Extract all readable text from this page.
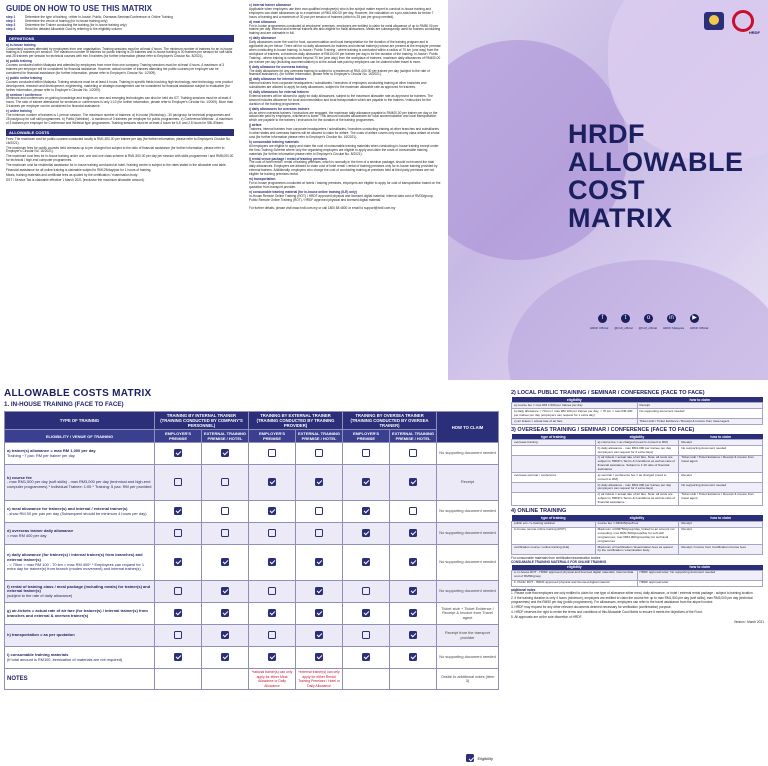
GUIDE ON HOW TO USE THIS MATRIX
step 1	Determine the type of training : either In-house, Public, Overseas Seminar/Conference or Online Training
step 2	Determine the venue of training (for in-house training only)
step 3	Determine the Trainer conducting the training (for in-house training only)
step 4	Read the detailed Allowable Cost by referring to the eligibility column
DEFINITIONS

a) in-house training
Customised courses attended by employees from one organisation. Training sessions must be at least 4 hours. The minimum number of trainees for an in-house training is 5 trainees per session. The maximum number of trainees for public training is 25 trainees and in-house training is 30 trainees per session for soft skills and 25 trainees per session for technical courses with min 5 trainees (for further information please refer to Employer's Circular No. 8/2021).

b) public training
Courses conducted within Malaysia and attended by employees from more than one company. Training sessions must be at least 4 hours. A maximum of 3 trainees per employer will be considered for financial assistance. However, actual number of trainees attending the public courses per employer can be considered for financial assistance (for further information, please refer to Employer's Circular No. 1/2009).

c) public online training
Courses conducted within Malaysia. Training sessions must be at least 4 hours. Training in specific fields involving high technology, new technology, new product development, research and development, engineering, marketing or strategic management can be considered for financial assistance subject to evaluation (for further information, please refer to Employer's Circular No. 1/2009).

d) seminar / conference
Seminars and conferences on gaining knowledge and insights on new and emerging technologies can also be held via ICT. Training sessions must be at least 4 hours. The ratio of trainee attendance for seminars or conferences is only 1:10 (for further information, please refer to Employer's Circular No. 1/2009). More than 3 trainees per employer can be considered for financial assistance.

e) online training
The minimum number of trainees is 1 person session. The maximum number of trainees: a) In-house (Workshop) - 30 pax/group for technical programmes and 25 pax/group for soft skill programmes. b) Public (Webinar) - A maximum of 3 trainees per employer for public programmes. c) Conference/Webinar - A maximum of 3 trainees per employer for Conference and Webinar type programmes. Training sessions must be at least 4 hours for ILE and 2.5 hours for SBL/Elearn.

ALLOWABLE COSTS

Fees: The maximum cost for public courses conducted locally is RM1,500.00 per trainee per day (for further information, please refer to Employer's Circular No. 16/2021).

The maximum fees for public courses held overseas up to per charged but subject to the ratio of financial assistance (for further information, please refer to Employer's Circular No. 16/2021).

The maximum cost fees for in-house training under one, one and one class scheme is RM1,500.00 per day per session with skills programmes / and RM8,000.00 for technical / high-end computer programmes.

The maximum cost for residential assistance for in-house training conducted at hotel / training centre is subject to the rates stated in the allowable cost table.

Financial assistance for all online training is claimable subject to RM125/day/pax for 1 hours of training.

Meals, training materials and certificate fees as quoted by the certification / examination body.

SST / Service Tax is claimable effective 1 March 2021 (exclusive the maximum allowable amount).

c) internal trainer allowance
Applicable when employers use their own qualified employee(s) who is the subject matter expert to conduct in-house training and employers can claim allowances up to a maximum of RM1,500.00 per day. However, the calculation on a pro-rata basis for below 7 hours of training and a maximum of 30 pax per session of trainees (which is 25 pax per group needed).

d) meal allowance
For in-house programmes conducted at employers' premises, employers are entitled to claim for meal allowance of up to RM50.00 per trainee per day. Internal and external trainers are also eligible for meal allowances. Meals are subsequently used for trainers conducting training and are claimable in full.

e) daily allowance
Daily allowances cover the cost for food, accommodation and local transportation for the duration of the training program and is applicable as per below: There will be no daily allowances for trainees and internal trainer(s) whose are present at the employer premise when conducting in-house training. In-house / Public Training - where training is conducted within a radius of 70 km (one way) from the workplace of trainees, a maximum daily allowance of RM100.00 per trainee per day is for the duration of the training. In-house / Public Training - where training is conducted beyond 70 km (one way) from the workplace of trainees, maximum daily allowances of RM400.00 per trainee per day (including accommodation) is at the actual rate paid by employers can be claimed when travel is more.

f) daily allowance for overseas training
The daily allowances for any overseas training is subject to a maximum of RM1,000.00 per trainee per day (subject to the rate of financial assistance). (for further information, please refer to Employer's Circular No. 16/2021).

g) daily allowance for internal trainers
Internal trainers from corporate headquarters / subsidiaries / branches of employers conducting training at other branches and subsidiaries are allowed to apply for daily allowances, subject to the maximum allowable rate as approved for trainees.

h) daily allowances for external trainers
External trainers will be allowed to apply for daily allowances, subject to the maximum allowable rate as approved for trainees. The amount includes allowance for local accommodation and local transportation which are payable to the trainers / instructors for the duration of the training programmes.

i) daily allowances for overseas trainers
As an when overseas trainers / instructors are engaged, the maximum daily allowance payable is RM400.00 per trainer per day or the actual rate paid by employers, whichever is lower. This amount includes allowances for local accommodation and local transportation which are payable to the trainers / instructors for the duration of the training programmes.

j) airfare
Trainees, internal trainers from corporate headquarters / subsidiaries / branches conducting training at other branches and subsidiaries in other states and overseas trainers will be allowed to claim for airfare. The costs of airfare covers only economy class airfare at a total cost (for further information please refer to Employer's Circular No. 16/2021).

k) consumable training materials
All employers are eligible to apply and claim the cost of consumable training materials when conducting in-house training except under the Ilmu Training Scheme where only the organising employers are eligible to apply and claim the costs of consumable training materials (for further information please refer to Employer's Circular No. 8/2021).

l) rental venue package / rental of training premises
The cost of hotel rental / rental of training premises, which is normally in the form of a seminar package, should not exceed the total daily allowances. Employers are allowed to claim cost of hotel rental / rental of training premises only for in-house training provided by external trainers. Additionally, employers who charge the cost of conducting training at premises held at third party premises are not eligible for training premises rental.

m) transportation
For in-house programmes conducted at hotels / training premises, employers are eligible to apply for cost of transportation based on the quotation from transport provider.

n) consumable training material (for in-house online training (ILE) only)
In-House Remote Online Training (ROT) / HRDF approved physical and licensed digital material; Internal data cost of RM30/group; Public Remote Online Training (ROT) / HRDF approved physical and licensed digital material.

For further details, please visit www.hrdf.com.my or call 1800 88 4800 or email to support@hrdf.com.my

HRDF
HRDF
ALLOWABLE
COST MATRIX
f	t	o	in	▶
HRDF Official @hrdf_official @hrdf_official HRDF Malaysia HRDF Official
ALLOWABLE COSTS MATRIX
1. IN-HOUSE TRAINING (FACE TO FACE)
TYPE OF TRAINING	TRAINING BY INTERNAL TRAINER (TRAINING CONDUCTED BY COMPANY'S PERSONNEL)		TRAINING BY EXTERNAL TRAINER (TRAINING CONDUCTED BY TRAINING PROVIDER)		TRAINING BY OVERSEA TRAINER (TRAINING CONDUCTED BY OVERSEA TRAINER)		HOW TO CLAIM
ELIGIBILITY / VENUE OF TRAINING	EMPLOYER'S PREMISE	EXTERNAL TRAINING PREMISE / HOTEL	EMPLOYER'S PREMISE	EXTERNAL TRAINING PREMISE / HOTEL	EMPLOYER'S PREMISE	EXTERNAL TRAINING PREMISE / HOTEL	

a) trainer(s) allowance = max RM 1,000 per day
Training ~7 pax: RM per trainer per day							No supporting document needed

b) course fee
- max RM1,500 per day (soft skills) - max RM3,000 per day (technical and high-end computer programmes) * Individual Trainee: 1:05 * Training: 5 pax: RM per provided							Receipt

c) meal allowance for trainee(s) and internal / external trainer(s)
- show RM 50 per pax per day (Subsequent should be minimum 4 hours per day)							No supporting document needed

d) overseas trainer daily allowance
= max RM 400 per day							No supporting document needed

e) daily allowance (for trainee(s) / internal trainer(s) from branches) and external trainer(s)
- < 70km = max RM 100 - 70 km = max RM 400* * Employees can request for 1 extra day for trainee(s) from branch (modes movement) and internal trainer(s)							No supporting document needed

f) rental of training class / meal package (including meals) for trainer(s) and external trainer(s)
(subject to the rate of daily allowance)							No supporting document needed

g) air-tickets = actual rate of air fare (for trainee(s) / internal trainer(s) from branches and external & oversea trainer(s)							Ticket stub + Ticket Evidence / Receipt & Invoice from Travel agent

h) transportation = as per quotation							Receipt from the transport provider

i) consumable training materials
(If total amount is RM100, itemization of materials are not required)							No supporting document needed
NOTES			*rational trainer(s) can only apply for either Meal Allowance or Daily Allowance	*external trainer(s) can only apply for either Rental Training Premises / Hotel or Daily Allowance			Onsite to additional notes (item 3)
Eligibility
2) LOCAL PUBLIC TRAINING / SEMINAR / CONFERENCE (FACE TO FACE)
eligibility	how to claim
a) course fee = max RM 1,500 per trainee per day	Receipt
b) daily allowance < 70 km = max RM 100 per trainee per day; > 70 km = max RM 400 per trainee per day (employers can request for 1 extra day)	No supporting document needed
c) air tickets = actual rate of air fare	Ticket stub / Ticket Evidence / Receipt & invoice from travel agent
3) OVERSEAS TRAINING / SEMINAR / CONFERENCE (FACE TO FACE)
type of training	eligibility	how to claim
overseas training	a) course fee = as charged (need to convert to RM)	Receipt
	b) daily allowance - max RM1,000 per trainee per day (employers can request for 2 extra days)	No supporting document needed
	c) air tickets = actual rate of air fare. Note: all costs are subject to HRDF's Terms & Conditions as well as ratio of financial assistance. Subject to 1:10 ratio of financial assistance	Ticket stub / Ticket Evidence / Receipt & invoice from travel agent
overseas seminar / conference	a) seminar / conference fee = as charged (need to convert to RM)	Receipt
	b) daily allowance - max RM1,000 per trainee per day (employers can request for 2 extra days)	No supporting document needed
	c) air tickets = actual rate of air fare. Note: all costs are subject to HRDF's Terms & Conditions as well as ratio of financial assistance	Ticket stub / Ticket Evidence / Receipt & invoice from travel agent
4) ONLINE TRAINING
type of training	eligibility	how to claim
public ecc / e-training webinar	course fee = RM125/pax/hour	Receipt
in-house remote online training (ROT)	Maximum of RM750/group/day, limited to an amount not exceeding: max RM1,500/group/day for soft skill programmes; max RM3,000/group/day for technical programmes	Receipt
certification course / online training (ILE)	Maximum of Certification / Examination fees as quoted by the certification / examination body	Receipt / Invoice from Certification Course fees
For consumable materials from certification/examination bodies
CONSUMABLE TRAINING MATERIALS FOR ONLINE TRAINING
eligibility	how to claim
a. in-house ROT - HRDF approved physical and licensed digital materials; Internal data cost of RM30/group	HRDF approval letter; No supporting document needed
b. Public ROT - HRDF approved physical and licensed digital material	HRDF approval letter
additional notes

1. Please note that employers are only entitled to claim for one type of allowance either meal, daily allowance, or hotel / external rental package - subject to training location.

2. If the training duration is only 4 hours (minimum), employers are entitled to claim the course fee up to max RM1,500 per day (soft skills); max RM3,000 per day (technical programmes) and the RM50 per day (public programmes). For allowances, employers can refer to the travel assistance from the airport invoice.

3. HRDF may request for any other relevant documents deemed necessary for verification (confirmation) purpose.

4. HRDF reserves the right to revise the terms and conditions of this Allowable Cost Matrix to ensure it meets the objectives of the Fund.

5. All approvals are at the sole discretion of HRDF.

Version : March 2021
